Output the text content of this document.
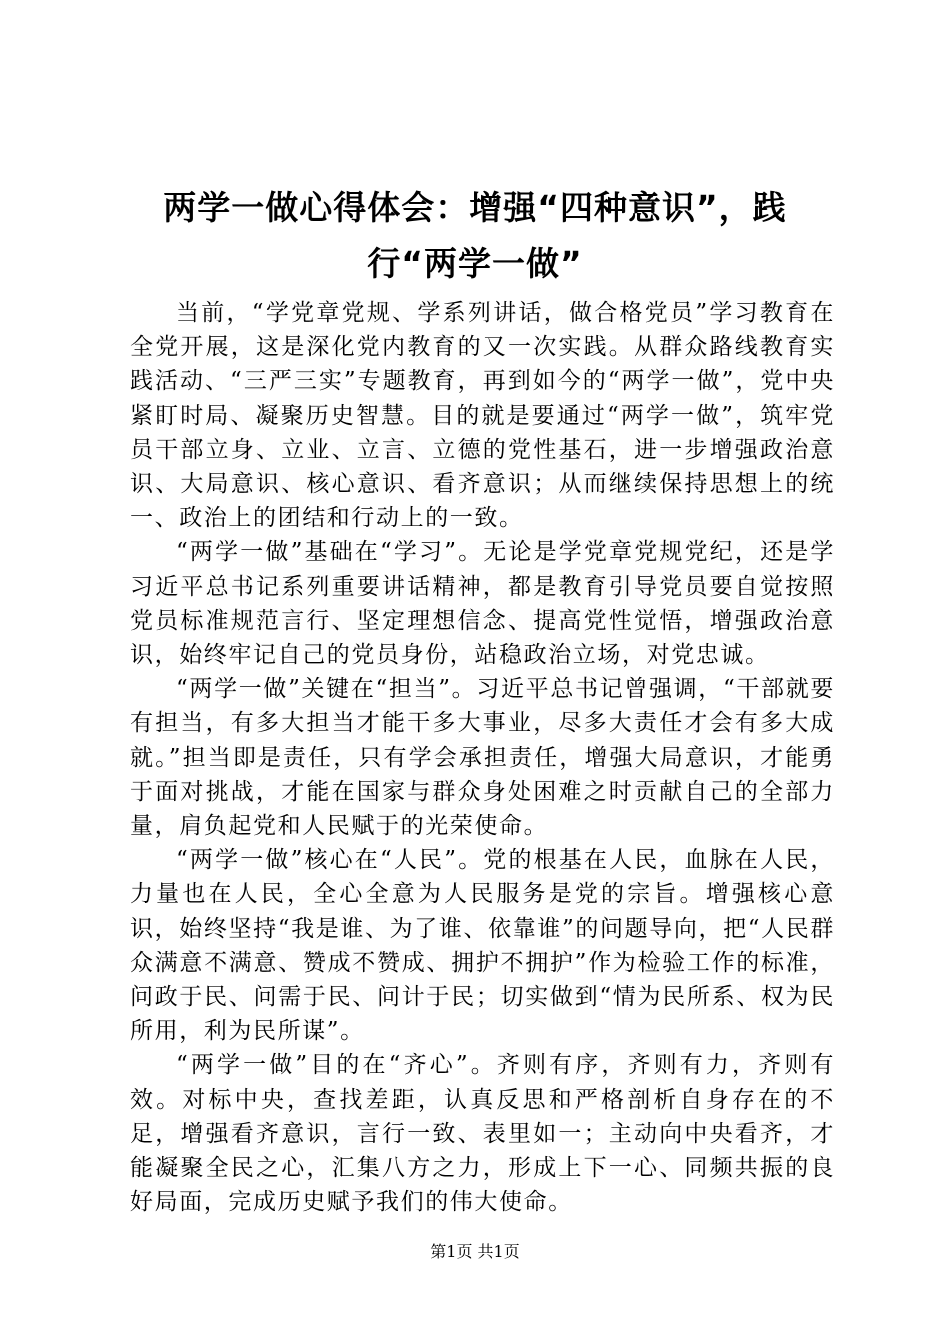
两学一做心得体会：增强“四种意识”，践行“两学一做”

当前，“学党章党规、学系列讲话，做合格党员”学习教育在全党开展，这是深化党内教育的又一次实践。从群众路线教育实践活动、“三严三实”专题教育，再到如今的“两学一做”，党中央紧盯时局、凝聚历史智慧。目的就是要通过“两学一做”，筑牢党员干部立身、立业、立言、立德的党性基石，进一步增强政治意识、大局意识、核心意识、看齐意识；从而继续保持思想上的统一、政治上的团结和行动上的一致。

“两学一做”基础在“学习”。无论是学党章党规党纪，还是学习近平总书记系列重要讲话精神，都是教育引导党员要自觉按照党员标准规范言行、坚定理想信念、提高党性觉悟，增强政治意识，始终牢记自己的党员身份，站稳政治立场，对党忠诚。

“两学一做”关键在“担当”。习近平总书记曾强调，“干部就要有担当，有多大担当才能干多大事业，尽多大责任才会有多大成就。”担当即是责任，只有学会承担责任，增强大局意识，才能勇于面对挑战，才能在国家与群众身处困难之时贡献自己的全部力量，肩负起党和人民赋于的光荣使命。

“两学一做”核心在“人民”。党的根基在人民，血脉在人民，力量也在人民，全心全意为人民服务是党的宗旨。增强核心意识，始终坚持“我是谁、为了谁、依靠谁”的问题导向，把“人民群众满意不满意、赞成不赞成、拥护不拥护”作为检验工作的标准，问政于民、问需于民、问计于民；切实做到“情为民所系、权为民所用，利为民所谋”。

“两学一做”目的在“齐心”。齐则有序，齐则有力，齐则有效。对标中央，查找差距，认真反思和严格剖析自身存在的不足，增强看齐意识，言行一致、表里如一；主动向中央看齐，才能凝聚全民之心，汇集八方之力，形成上下一心、同频共振的良好局面，完成历史赋予我们的伟大使命。

第1页 共1页
